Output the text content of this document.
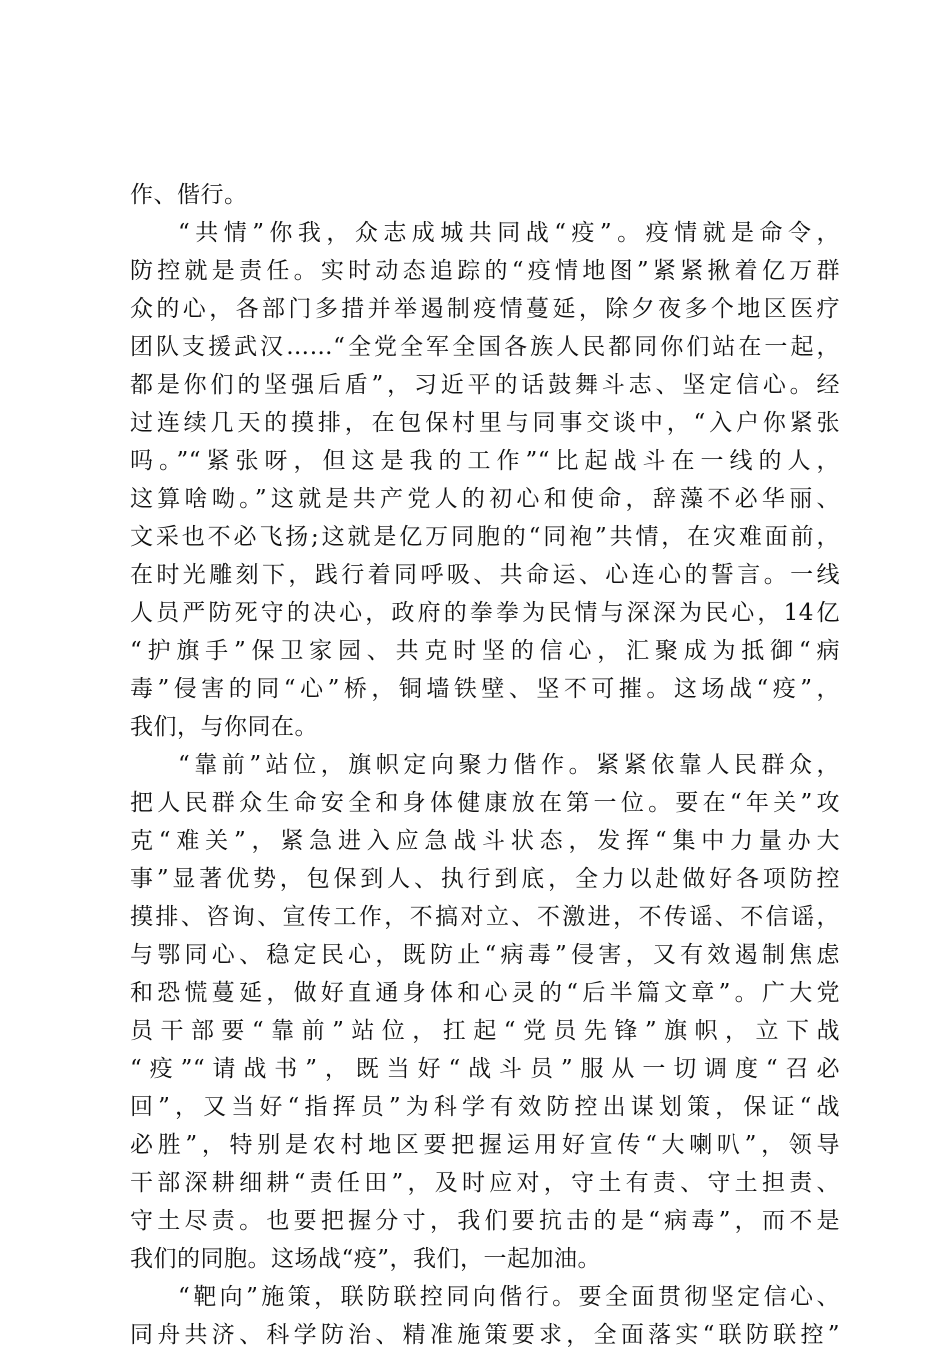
作、偕行。
“共情”你我，众志成城共同战“疫”。疫情就是命令，
防控就是责任。实时动态追踪的“疫情地图”紧紧揪着亿万群
众的心，各部门多措并举遏制疫情蔓延，除夕夜多个地区医疗
团队支援武汉……“全党全军全国各族人民都同你们站在一起，
都是你们的坚强后盾”，习近平的话鼓舞斗志、坚定信心。经
过连续几天的摸排，在包保村里与同事交谈中，“入户你紧张
吗。”“紧张呀，但这是我的工作”“比起战斗在一线的人，
这算啥呦。”这就是共产党人的初心和使命，辞藻不必华丽、
文采也不必飞扬;这就是亿万同胞的“同袍”共情，在灾难面前，
在时光雕刻下，践行着同呼吸、共命运、心连心的誓言。一线
人员严防死守的决心，政府的拳拳为民情与深深为民心，14亿
“护旗手”保卫家园、共克时坚的信心，汇聚成为抵御“病
毒”侵害的同“心”桥，铜墙铁壁、坚不可摧。这场战“疫”，
我们，与你同在。
“靠前”站位，旗帜定向聚力偕作。紧紧依靠人民群众，
把人民群众生命安全和身体健康放在第一位。要在“年关”攻
克“难关”，紧急进入应急战斗状态，发挥“集中力量办大
事”显著优势，包保到人、执行到底，全力以赴做好各项防控
摸排、咨询、宣传工作，不搞对立、不激进，不传谣、不信谣，
与鄂同心、稳定民心，既防止“病毒”侵害，又有效遏制焦虑
和恐慌蔓延，做好直通身体和心灵的“后半篇文章”。广大党
员干部要“靠前”站位，扛起“党员先锋”旗帜，立下战
“疫”“请战书”，既当好“战斗员”服从一切调度“召必
回”，又当好“指挥员”为科学有效防控出谋划策，保证“战
必胜”，特别是农村地区要把握运用好宣传“大喇叭”，领导
干部深耕细耕“责任田”，及时应对，守土有责、守土担责、
守土尽责。也要把握分寸，我们要抗击的是“病毒”，而不是
我们的同胞。这场战“疫”，我们，一起加油。
“靶向”施策，联防联控同向偕行。要全面贯彻坚定信心、
同舟共济、科学防治、精准施策要求，全面落实“联防联控”
